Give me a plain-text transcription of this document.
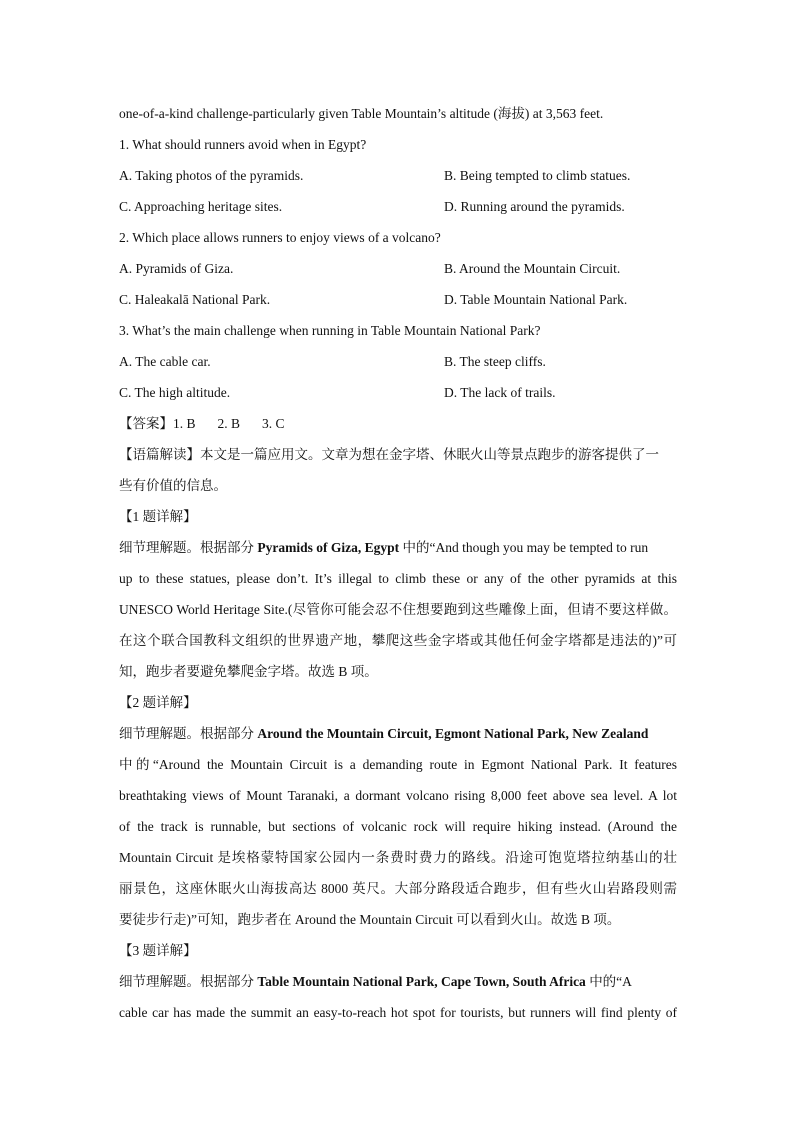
one-of-a-kind challenge-particularly given Table Mountain’s altitude (海拔) at 3,563 feet.
1. What should runners avoid when in Egypt?
A. Taking photos of the pyramids.	B. Being tempted to climb statues.
C. Approaching heritage sites.	D. Running around the pyramids.
2. Which place allows runners to enjoy views of a volcano?
A. Pyramids of Giza.	B. Around the Mountain Circuit.
C. Haleakalā National Park.	D. Table Mountain National Park.
3. What’s the main challenge when running in Table Mountain National Park?
A. The cable car.	B. The steep cliffs.
C. The high altitude.	D. The lack of trails.
【答案】1. B 2. B 3. C
【语篇解读】本文是一篇应用文。文章为想在金字塔、休眠火山等景点跑步的游客提供了一
些有价值的信息。
【1 题详解】
细节理解题。根据部分 Pyramids of Giza, Egypt 中的“And though you may be tempted to run
up to these statues, please don’t. It’s illegal to climb these or any of the other pyramids at this
UNESCO World Heritage Site.(尽管你可能会忍不住想要跑到这些雕像上面，但请不要这样做。
在这个联合国教科文组织的世界遗产地，攀爬这些金字塔或其他任何金字塔都是违法的)”可
知，跑步者要避免攀爬金字塔。故选 B 项。
【2 题详解】
细节理解题。根据部分 Around the Mountain Circuit, Egmont National Park, New Zealand
中的“Around the Mountain Circuit is a demanding route in Egmont National Park. It features
breathtaking views of Mount Taranaki, a dormant volcano rising 8,000 feet above sea level. A lot
of the track is runnable, but sections of volcanic rock will require hiking instead. (Around the
Mountain Circuit 是埃格蒙特国家公园内一条费时费力的路线。沿途可饱览塔拉纳基山的壮
丽景色，这座休眠火山海拔高达 8000 英尺。大部分路段适合跑步，但有些火山岩路段则需
要徒步行走)”可知，跑步者在 Around the Mountain Circuit 可以看到火山。故选 B 项。
【3 题详解】
细节理解题。根据部分 Table Mountain National Park, Cape Town, South Africa 中的“A
cable car has made the summit an easy-to-reach hot spot for tourists, but runners will find plenty of
